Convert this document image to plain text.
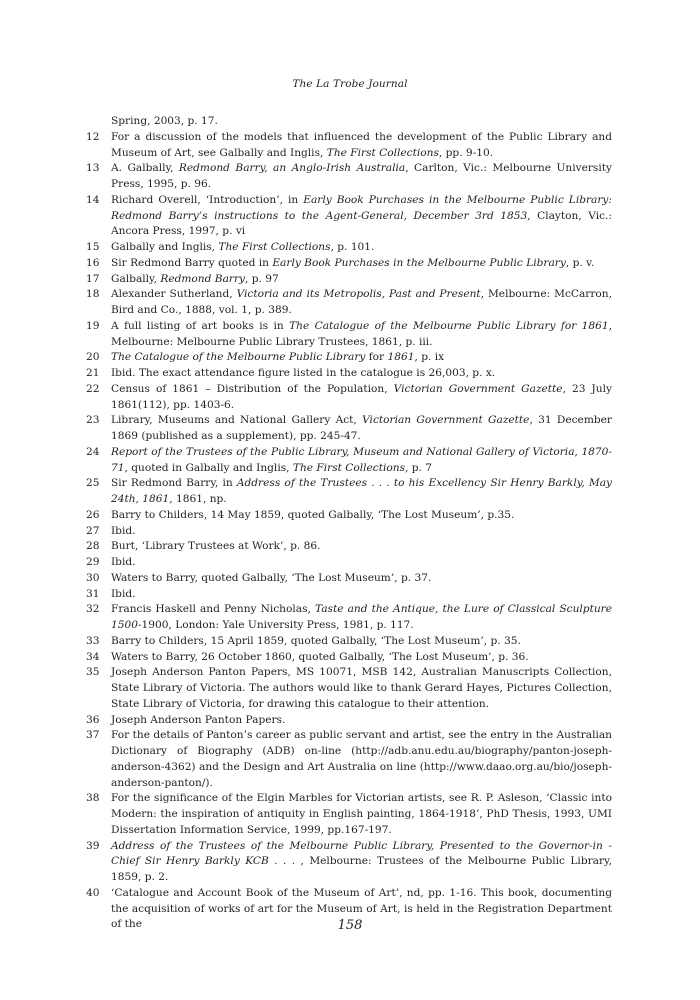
The La Trobe Journal

Spring, 2003, p. 17.

12	For a discussion of the models that influenced the development of the Public Library and Museum of Art, see Galbally and Inglis, The First Collections, pp. 9-10.

13	A. Galbally, Redmond Barry, an Anglo-Irish Australia, Carlton, Vic.: Melbourne University Press, 1995, p. 96.

14	Richard Overell, ‘Introduction’, in Early Book Purchases in the Melbourne Public Library: Redmond Barry’s instructions to the Agent-General, December 3rd 1853, Clayton, Vic.: Ancora Press, 1997, p. vi

15	Galbally and Inglis, The First Collections, p. 101.

16	Sir Redmond Barry quoted in Early Book Purchases in the Melbourne Public Library, p. v.

17	Galbally, Redmond Barry, p. 97

18	Alexander Sutherland, Victoria and its Metropolis, Past and Present, Melbourne: McCarron, Bird and Co., 1888, vol. 1, p. 389.

19	A full listing of art books is in The Catalogue of the Melbourne Public Library for 1861, Melbourne: Melbourne Public Library Trustees, 1861, p. iii.

20	The Catalogue of the Melbourne Public Library for 1861, p. ix

21	Ibid. The exact attendance figure listed in the catalogue is 26,003, p. x.

22	Census of 1861 – Distribution of the Population, Victorian Government Gazette, 23 July 1861(112), pp. 1403-6.

23	Library, Museums and National Gallery Act, Victorian Government Gazette, 31 December 1869 (published as a supplement), pp. 245-47.

24	Report of the Trustees of the Public Library, Museum and National Gallery of Victoria, 1870-71, quoted in Galbally and Inglis, The First Collections, p. 7

25	Sir Redmond Barry, in Address of the Trustees . . . to his Excellency Sir Henry Barkly, May 24th, 1861, 1861, np.

26	Barry to Childers, 14 May 1859, quoted Galbally, ‘The Lost Museum’, p.35.

27	Ibid.

28	Burt, ‘Library Trustees at Work’, p. 86.

29	Ibid.

30	Waters to Barry, quoted Galbally, ‘The Lost Museum’, p. 37.

31	Ibid.

32	Francis Haskell and Penny Nicholas, Taste and the Antique, the Lure of Classical Sculpture 1500-1900, London: Yale University Press, 1981, p. 117.

33	Barry to Childers, 15 April 1859, quoted Galbally, ‘The Lost Museum’, p. 35.

34	Waters to Barry, 26 October 1860, quoted Galbally, ‘The Lost Museum’, p. 36.

35	Joseph Anderson Panton Papers, MS 10071, MSB 142, Australian Manuscripts Collection, State Library of Victoria. The authors would like to thank Gerard Hayes, Pictures Collection, State Library of Victoria, for drawing this catalogue to their attention.

36	Joseph Anderson Panton Papers.

37	For the details of Panton’s career as public servant and artist, see the entry in the Australian Dictionary of Biography (ADB) on-line (http://adb.anu.edu.au/biography/panton-joseph-anderson-4362) and the Design and Art Australia on line (http://www.daao.org.au/bio/joseph-anderson-panton/).

38	For the significance of the Elgin Marbles for Victorian artists, see R. P. Asleson, ‘Classic into Modern: the inspiration of antiquity in English painting, 1864-1918’, PhD Thesis, 1993, UMI Dissertation Information Service, 1999, pp.167-197.

39	Address of the Trustees of the Melbourne Public Library, Presented to the Governor-in -Chief Sir Henry Barkly KCB . . . , Melbourne: Trustees of the Melbourne Public Library, 1859, p. 2.

40	‘Catalogue and Account Book of the Museum of Art’, nd, pp. 1-16. This book, documenting the acquisition of works of art for the Museum of Art, is held in the Registration Department of the	158
